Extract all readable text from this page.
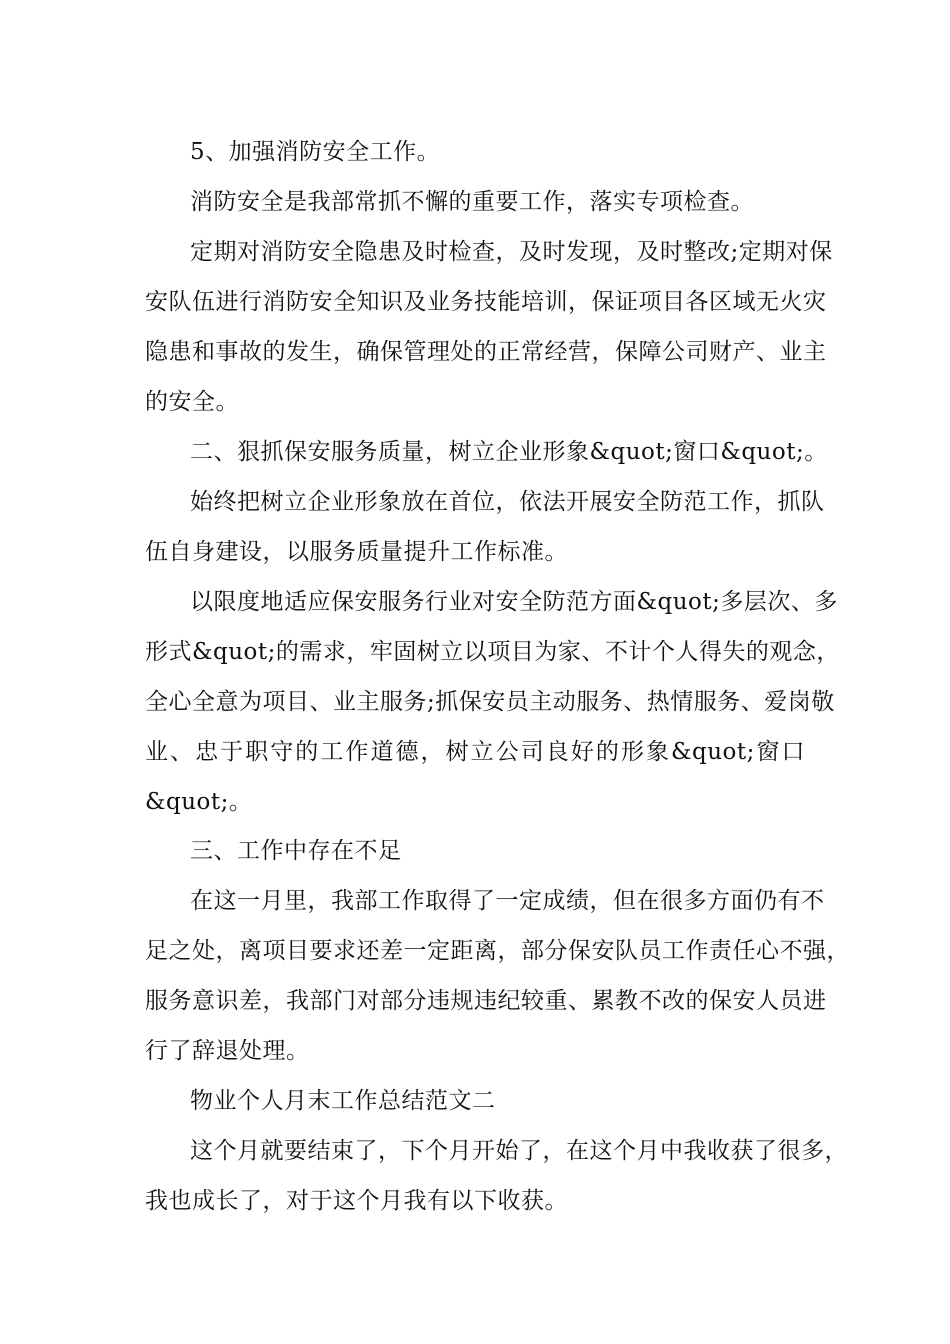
5、加强消防安全工作。
消防安全是我部常抓不懈的重要工作，落实专项检查。
定期对消防安全隐患及时检查，及时发现，及时整改;定期对保
安队伍进行消防安全知识及业务技能培训，保证项目各区域无火灾
隐患和事故的发生，确保管理处的正常经营，保障公司财产、业主
的安全。
二、狠抓保安服务质量，树立企业形象&quot;窗口&quot;。
始终把树立企业形象放在首位，依法开展安全防范工作，抓队
伍自身建设，以服务质量提升工作标准。
以限度地适应保安服务行业对安全防范方面&quot;多层次、多
形式&quot;的需求，牢固树立以项目为家、不计个人得失的观念，
全心全意为项目、业主服务;抓保安员主动服务、热情服务、爱岗敬
业、忠于职守的工作道德，树立公司良好的形象&quot;窗口
&quot;。
三、工作中存在不足
在这一月里，我部工作取得了一定成绩，但在很多方面仍有不
足之处，离项目要求还差一定距离，部分保安队员工作责任心不强，
服务意识差，我部门对部分违规违纪较重、累教不改的保安人员进
行了辞退处理。
物业个人月末工作总结范文二
这个月就要结束了，下个月开始了，在这个月中我收获了很多，
我也成长了，对于这个月我有以下收获。
